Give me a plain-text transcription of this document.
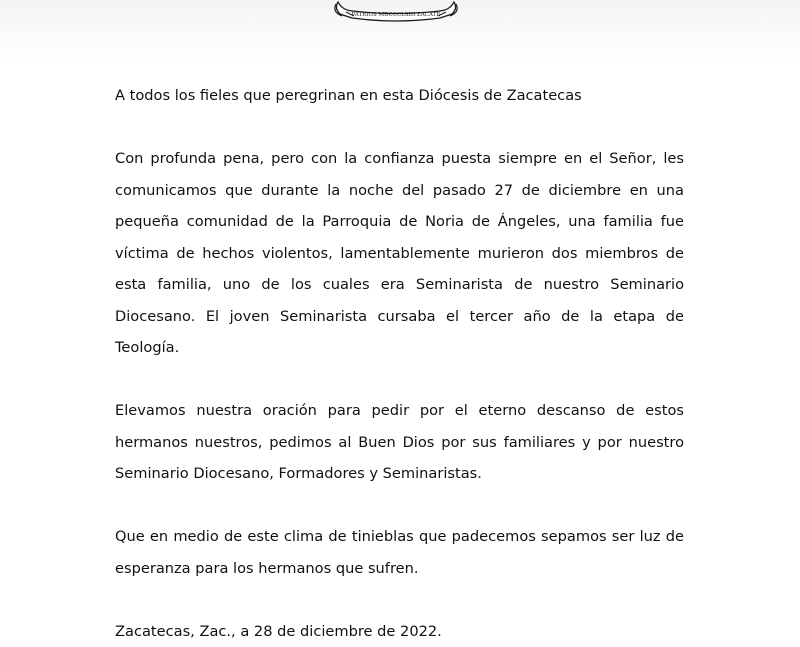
PATRIOS MDCCCLXIII ZACATE

A todos los fieles que peregrinan en esta Diócesis de Zacatecas

Con profunda pena, pero con la confianza puesta siempre en el Señor, les comunicamos que durante la noche del pasado 27 de diciembre en una pequeña comunidad de la Parroquia de Noria de Ángeles, una familia fue víctima de hechos violentos, lamentablemente murieron dos miembros de esta familia, uno de los cuales era Seminarista de nuestro Seminario Diocesano. El joven Seminarista cursaba el tercer año de la etapa de Teología.

Elevamos nuestra oración para pedir por el eterno descanso de estos hermanos nuestros, pedimos al Buen Dios por sus familiares y por nuestro Seminario Diocesano, Formadores y Seminaristas.

Que en medio de este clima de tinieblas que padecemos sepamos ser luz de esperanza para los hermanos que sufren.

Zacatecas, Zac., a 28 de diciembre de 2022.
